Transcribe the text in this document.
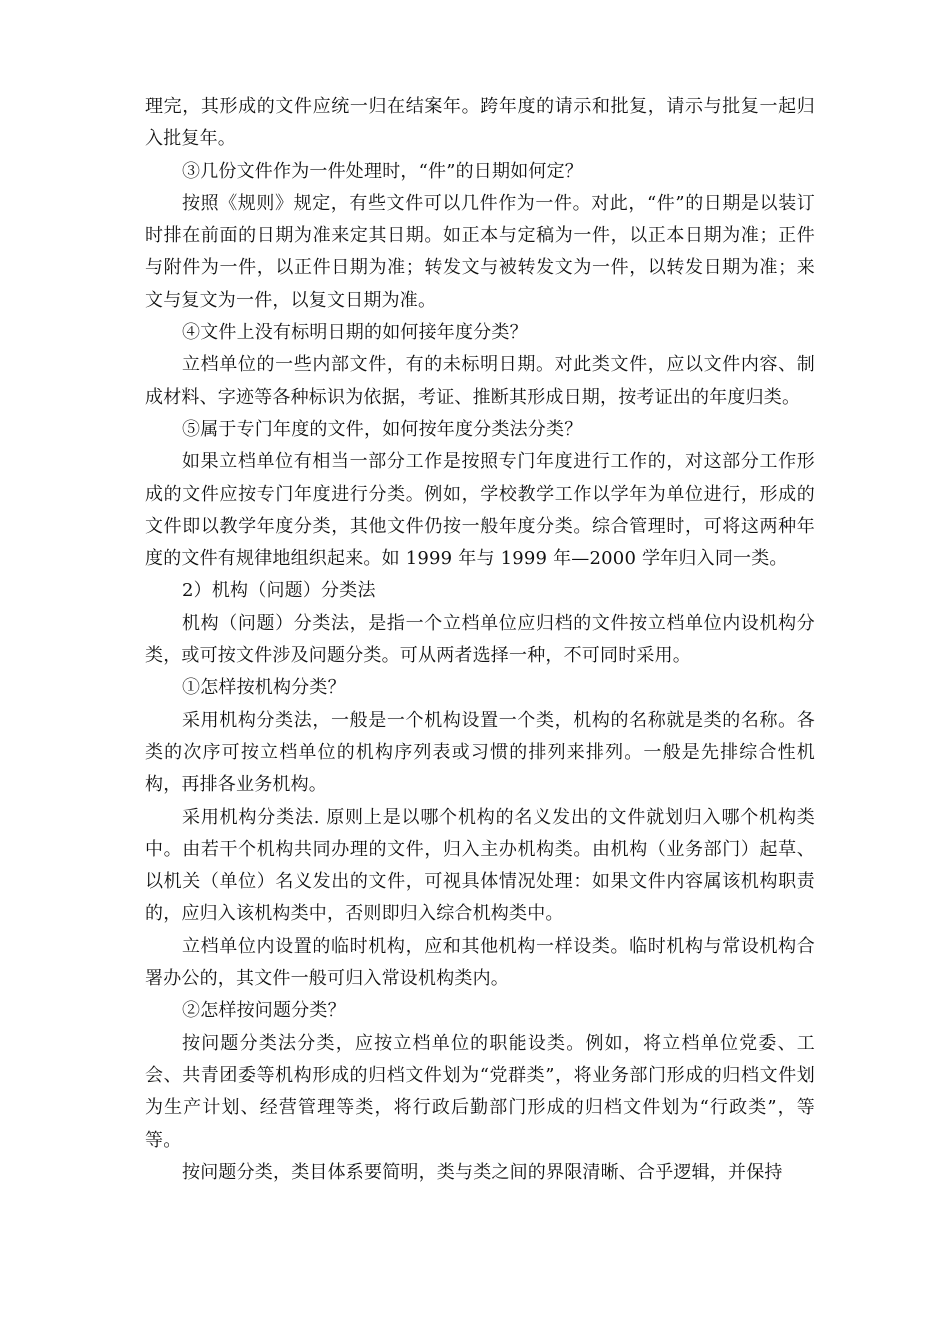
理完，其形成的文件应统一归在结案年。跨年度的请示和批复，请示与批复一起归入批复年。

③几份文件作为一件处理时，“件”的日期如何定？

按照《规则》规定，有些文件可以几件作为一件。对此，“件”的日期是以装订时排在前面的日期为准来定其日期。如正本与定稿为一件，以正本日期为准；正件与附件为一件，以正件日期为准；转发文与被转发文为一件，以转发日期为准；来文与复文为一件，以复文日期为准。

④文件上没有标明日期的如何接年度分类？

立档单位的一些内部文件，有的未标明日期。对此类文件，应以文件内容、制成材料、字迹等各种标识为依据，考证、推断其形成日期，按考证出的年度归类。

⑤属于专门年度的文件，如何按年度分类法分类？

如果立档单位有相当一部分工作是按照专门年度进行工作的，对这部分工作形成的文件应按专门年度进行分类。例如，学校教学工作以学年为单位进行，形成的文件即以教学年度分类，其他文件仍按一般年度分类。综合管理时，可将这两种年度的文件有规律地组织起来。如 1999 年与 1999 年—2000 学年归入同一类。

2）机构（问题）分类法

机构（问题）分类法，是指一个立档单位应归档的文件按立档单位内设机构分类，或可按文件涉及问题分类。可从两者选择一种，不可同时采用。

①怎样按机构分类？

采用机构分类法，一般是一个机构设置一个类，机构的名称就是类的名称。各类的次序可按立档单位的机构序列表或习惯的排列来排列。一般是先排综合性机构，再排各业务机构。

采用机构分类法. 原则上是以哪个机构的名义发出的文件就划归入哪个机构类中。由若干个机构共同办理的文件，归入主办机构类。由机构（业务部门）起草、以机关（单位）名义发出的文件，可视具体情况处理：如果文件内容属该机构职责的，应归入该机构类中，否则即归入综合机构类中。

立档单位内设置的临时机构，应和其他机构一样设类。临时机构与常设机构合署办公的，其文件一般可归入常设机构类内。

②怎样按问题分类？

按问题分类法分类，应按立档单位的职能设类。例如，将立档单位党委、工会、共青团委等机构形成的归档文件划为“党群类”，将业务部门形成的归档文件划为生产计划、经营管理等类，将行政后勤部门形成的归档文件划为“行政类”，等等。

按问题分类，类目体系要简明，类与类之间的界限清晰、合乎逻辑，并保持
